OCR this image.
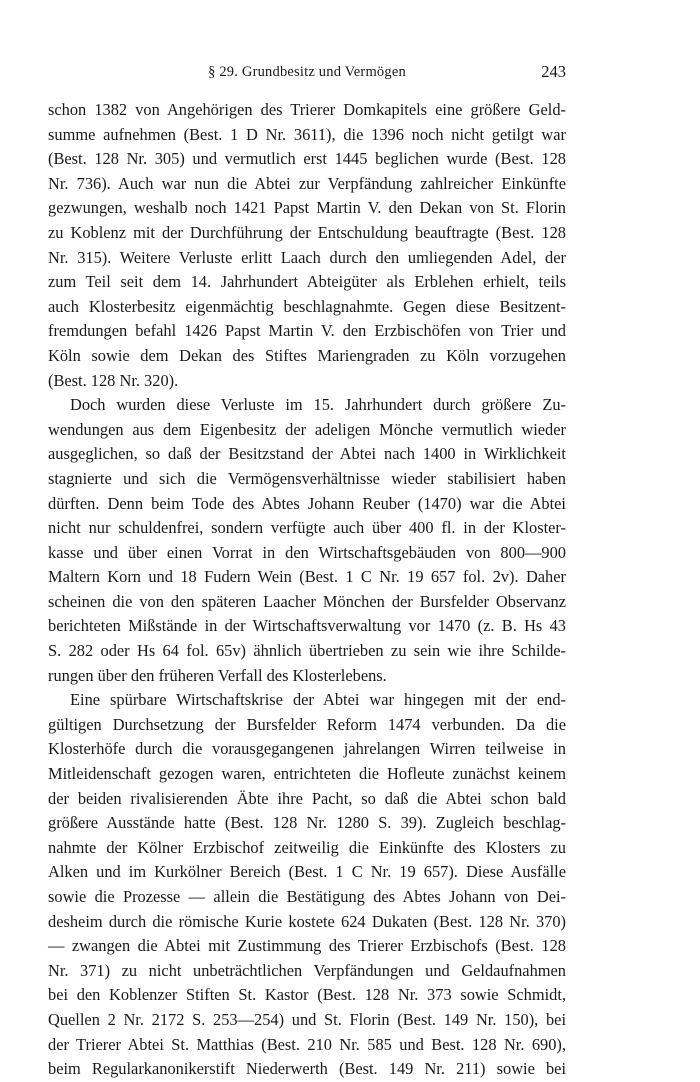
§ 29. Grundbesitz und Vermögen	243
schon 1382 von Angehörigen des Trierer Domkapitels eine größere Geld-
summe aufnehmen (Best. 1 D Nr. 3611), die 1396 noch nicht getilgt war
(Best. 128 Nr. 305) und vermutlich erst 1445 beglichen wurde (Best. 128
Nr. 736). Auch war nun die Abtei zur Verpfändung zahlreicher Einkünfte
gezwungen, weshalb noch 1421 Papst Martin V. den Dekan von St. Florin
zu Koblenz mit der Durchführung der Entschuldung beauftragte (Best. 128
Nr. 315). Weitere Verluste erlitt Laach durch den umliegenden Adel, der
zum Teil seit dem 14. Jahrhundert Abteigüter als Erblehen erhielt, teils
auch Klosterbesitz eigenmächtig beschlagnahmte. Gegen diese Besitzent-
fremdungen befahl 1426 Papst Martin V. den Erzbischöfen von Trier und
Köln sowie dem Dekan des Stiftes Mariengraden zu Köln vorzugehen
(Best. 128 Nr. 320).
Doch wurden diese Verluste im 15. Jahrhundert durch größere Zu-
wendungen aus dem Eigenbesitz der adeligen Mönche vermutlich wieder
ausgeglichen, so daß der Besitzstand der Abtei nach 1400 in Wirklichkeit
stagnierte und sich die Vermögensverhältnisse wieder stabilisiert haben
dürften. Denn beim Tode des Abtes Johann Reuber (1470) war die Abtei
nicht nur schuldenfrei, sondern verfügte auch über 400 fl. in der Kloster-
kasse und über einen Vorrat in den Wirtschaftsgebäuden von 800—900
Maltern Korn und 18 Fudern Wein (Best. 1 C Nr. 19 657 fol. 2v). Daher
scheinen die von den späteren Laacher Mönchen der Bursfelder Observanz
berichteten Mißstände in der Wirtschaftsverwaltung vor 1470 (z. B. Hs 43
S. 282 oder Hs 64 fol. 65v) ähnlich übertrieben zu sein wie ihre Schilde-
rungen über den früheren Verfall des Klosterlebens.
Eine spürbare Wirtschaftskrise der Abtei war hingegen mit der end-
gültigen Durchsetzung der Bursfelder Reform 1474 verbunden. Da die
Klosterhöfe durch die vorausgegangenen jahrelangen Wirren teilweise in
Mitleidenschaft gezogen waren, entrichteten die Hofleute zunächst keinem
der beiden rivalisierenden Äbte ihre Pacht, so daß die Abtei schon bald
größere Ausstände hatte (Best. 128 Nr. 1280 S. 39). Zugleich beschlag-
nahmte der Kölner Erzbischof zeitweilig die Einkünfte des Klosters zu
Alken und im Kurkölner Bereich (Best. 1 C Nr. 19 657). Diese Ausfälle
sowie die Prozesse — allein die Bestätigung des Abtes Johann von Dei-
desheim durch die römische Kurie kostete 624 Dukaten (Best. 128 Nr. 370)
— zwangen die Abtei mit Zustimmung des Trierer Erzbischofs (Best. 128
Nr. 371) zu nicht unbeträchtlichen Verpfändungen und Geldaufnahmen
bei den Koblenzer Stiften St. Kastor (Best. 128 Nr. 373 sowie Schmidt,
Quellen 2 Nr. 2172 S. 253—254) und St. Florin (Best. 149 Nr. 150), bei
der Trierer Abtei St. Matthias (Best. 210 Nr. 585 und Best. 128 Nr. 690),
beim Regularkanonikerstift Niederwerth (Best. 149 Nr. 211) sowie bei
